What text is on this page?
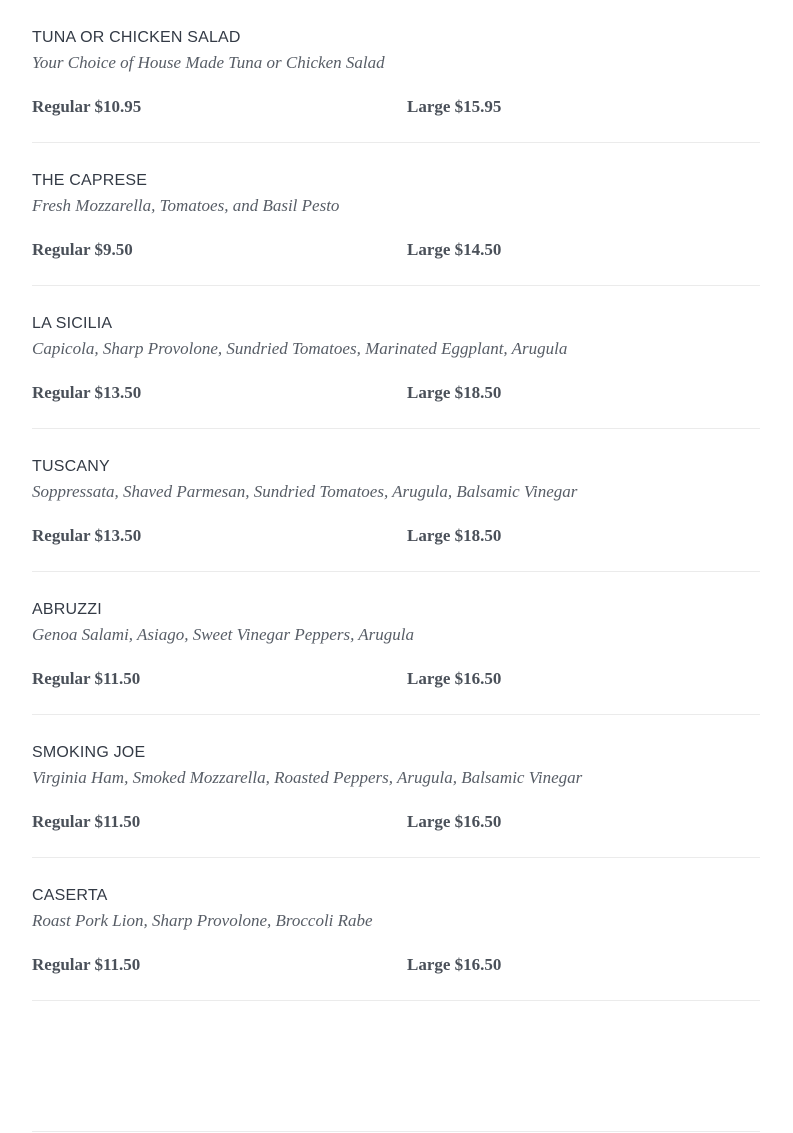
TUNA OR CHICKEN SALAD
Your Choice of House Made Tuna or Chicken Salad
Regular $10.95	Large $15.95
THE CAPRESE
Fresh Mozzarella, Tomatoes, and Basil Pesto
Regular $9.50	Large $14.50
LA SICILIA
Capicola, Sharp Provolone, Sundried Tomatoes, Marinated Eggplant, Arugula
Regular $13.50	Large $18.50
TUSCANY
Soppressata, Shaved Parmesan, Sundried Tomatoes, Arugula, Balsamic Vinegar
Regular $13.50	Large $18.50
ABRUZZI
Genoa Salami, Asiago, Sweet Vinegar Peppers, Arugula
Regular $11.50	Large $16.50
SMOKING JOE
Virginia Ham, Smoked Mozzarella, Roasted Peppers, Arugula, Balsamic Vinegar
Regular $11.50	Large $16.50
CASERTA
Roast Pork Lion, Sharp Provolone, Broccoli Rabe
Regular $11.50	Large $16.50
